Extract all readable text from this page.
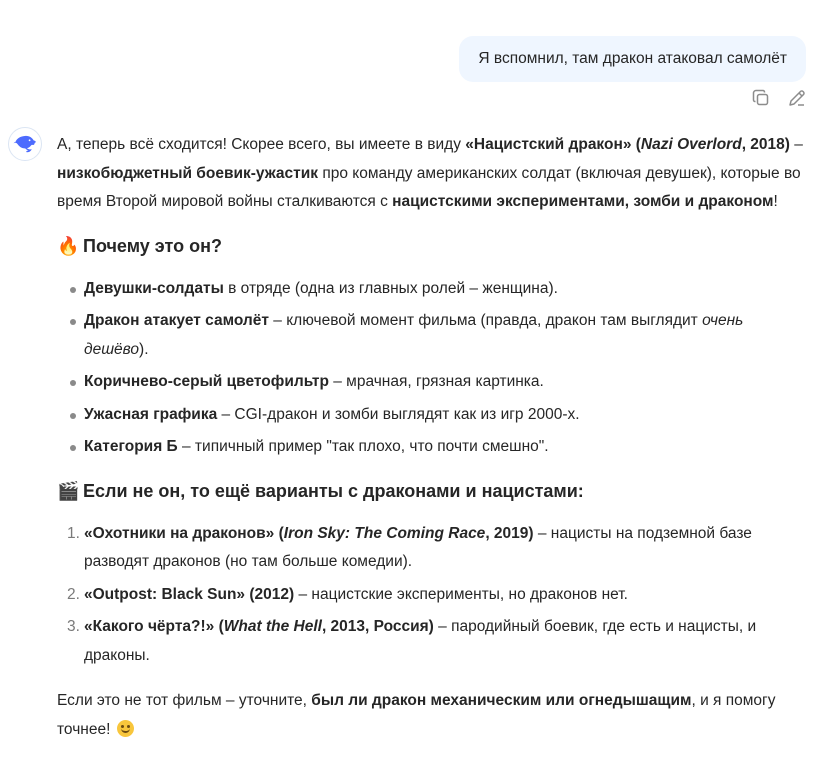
Я вспомнил, там дракон атаковал самолёт

А, теперь всё сходится! Скорее всего, вы имеете в виду «Нацистский дракон» (Nazi Overlord, 2018) – низкобюджетный боевик-ужастик про команду американских солдат (включая девушек), которые во время Второй мировой войны сталкиваются с нацистскими экспериментами, зомби и драконом!

🔥 Почему это он?
Девушки-солдаты в отряде (одна из главных ролей – женщина).
Дракон атакует самолёт – ключевой момент фильма (правда, дракон там выглядит очень дешёво).
Коричнево-серый цветофильтр – мрачная, грязная картинка.
Ужасная графика – CGI-дракон и зомби выглядят как из игр 2000-х.
Категория Б – типичный пример "так плохо, что почти смешно".
🎬 Если не он, то ещё варианты с драконами и нацистами:
1. «Охотники на драконов» (Iron Sky: The Coming Race, 2019) – нацисты на подземной базе разводят драконов (но там больше комедии).
2. «Outpost: Black Sun» (2012) – нацистские эксперименты, но драконов нет.
3. «Какого чёрта?!» (What the Hell, 2013, Россия) – пародийный боевик, где есть и нацисты, и драконы.

Если это не тот фильм – уточните, был ли дракон механическим или огнедышащим, и я помогу точнее!
